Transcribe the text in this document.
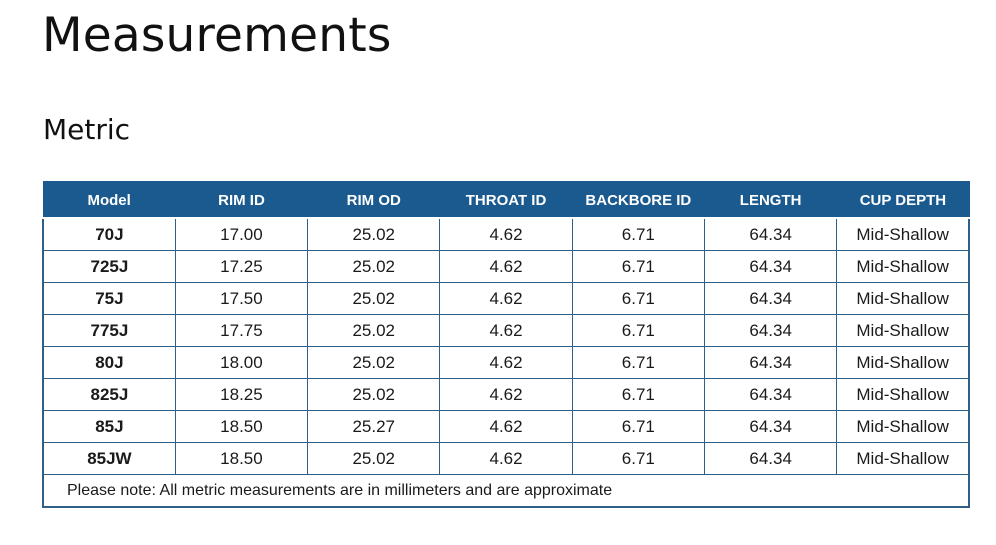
Measurements
Metric
Model	RIM ID	RIM OD	THROAT ID	BACKBORE ID	LENGTH	CUP DEPTH
70J	17.00	25.02	4.62	6.71	64.34	Mid-Shallow
725J	17.25	25.02	4.62	6.71	64.34	Mid-Shallow
75J	17.50	25.02	4.62	6.71	64.34	Mid-Shallow
775J	17.75	25.02	4.62	6.71	64.34	Mid-Shallow
80J	18.00	25.02	4.62	6.71	64.34	Mid-Shallow
825J	18.25	25.02	4.62	6.71	64.34	Mid-Shallow
85J	18.50	25.27	4.62	6.71	64.34	Mid-Shallow
85JW	18.50	25.02	4.62	6.71	64.34	Mid-Shallow
Please note: All metric measurements are in millimeters and are approximate						
